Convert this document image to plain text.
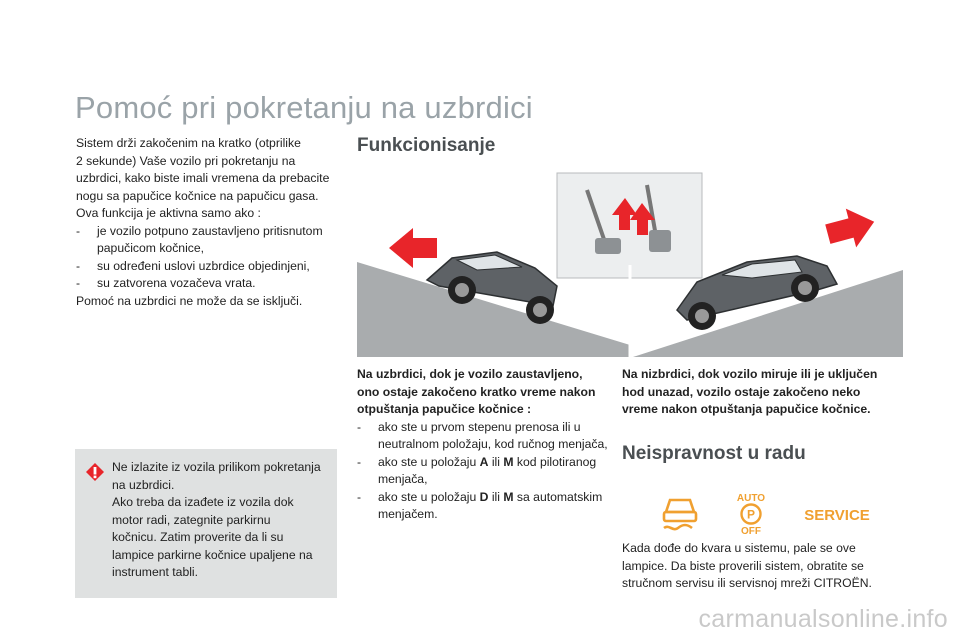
Pomoć pri pokretanju na uzbrdici
Sistem drži zakočenim na kratko (otprilike
2 sekunde) Vaše vozilo pri pokretanju na
uzbrdici, kako biste imali vremena da prebacite
nogu sa papučice kočnice na papučicu gasa.
Ova funkcija je aktivna samo ako :
-	je vozilo potpuno zaustavljeno pritisnutom papučicom kočnice,
-	su određeni uslovi uzbrdice objedinjeni,
-	su zatvorena vozačeva vrata.
Pomoć na uzbrdici ne može da se isključi.
Ne izlazite iz vozila prilikom pokretanja
na uzbrdici.
Ako treba da izađete iz vozila dok
motor radi, zategnite parkirnu
kočnicu. Zatim proverite da li su
lampice parkirne kočnice upaljene na
instrument tabli.
Funkcionisanje
Na uzbrdici, dok je vozilo zaustavljeno,
ono ostaje zakočeno kratko vreme nakon
otpuštanja papučice kočnice :
-	ako ste u prvom stepenu prenosa ili u neutralnom položaju, kod ručnog menjača,
-	ako ste u položaju A ili M kod pilotiranog menjača,
-	ako ste u položaju D ili M sa automatskim menjačem.
Na nizbrdici, dok vozilo miruje ili je uključen
hod unazad, vozilo ostaje zakočeno neko
vreme nakon otpuštanja papučice kočnice.
Neispravnost u radu
AUTO
P
OFF
SERVICE
Kada dođe do kvara u sistemu, pale se ove
lampice. Da biste proverili sistem, obratite se
stručnom servisu ili servisnoj mreži CITROËN.
carmanualsonline.info
